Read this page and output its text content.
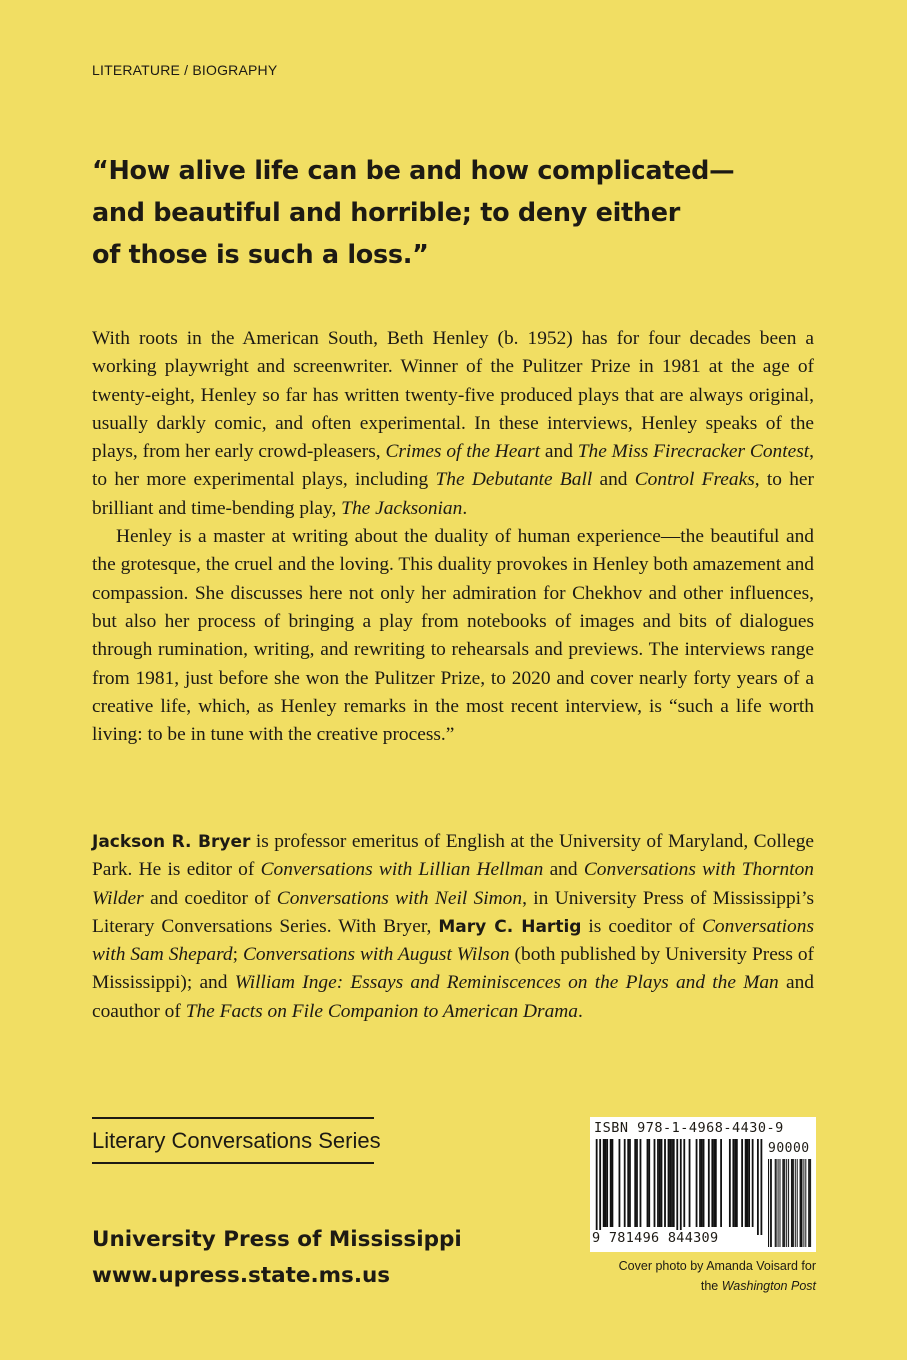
LITERATURE / BIOGRAPHY
“How alive life can be and how complicated—
and beautiful and horrible; to deny either
of those is such a loss.”

With roots in the American South, Beth Henley (b. 1952) has for four decades been a working playwright and screenwriter. Winner of the Pulitzer Prize in 1981 at the age of twenty-eight, Henley so far has written twenty-five produced plays that are always original, usually darkly comic, and often experimental. In these interviews, Henley speaks of the plays, from her early crowd-pleasers, Crimes of the Heart and The Miss Firecracker Contest, to her more experimental plays, including The Debutante Ball and Control Freaks, to her brilliant and time-bending play, The Jacksonian.

Henley is a master at writing about the duality of human experience—the beautiful and the grotesque, the cruel and the loving. This duality provokes in Henley both amazement and compassion. She discusses here not only her admiration for Chekhov and other influences, but also her process of bringing a play from notebooks of images and bits of dialogues through rumination, writing, and rewriting to rehearsals and previews. The interviews range from 1981, just before she won the Pulitzer Prize, to 2020 and cover nearly forty years of a creative life, which, as Henley remarks in the most recent interview, is “such a life worth living: to be in tune with the creative process.”

Jackson R. Bryer is professor emeritus of English at the University of Maryland, College Park. He is editor of Conversations with Lillian Hellman and Conversations with Thornton Wilder and coeditor of Conversations with Neil Simon, in University Press of Mississippi’s Literary Conversations Series. With Bryer, Mary C. Hartig is coeditor of Conversations with Sam Shepard; Conversations with August Wilson (both published by University Press of Mississippi); and William Inge: Essays and Reminiscences on the Plays and the Man and coauthor of The Facts on File Companion to American Drama.

Literary Conversations Series
University Press of Mississippi
www.upress.state.ms.us
ISBN 978-1-4968-4430-9
90000
9 781496 844309
Cover photo by Amanda Voisard for
the Washington Post
